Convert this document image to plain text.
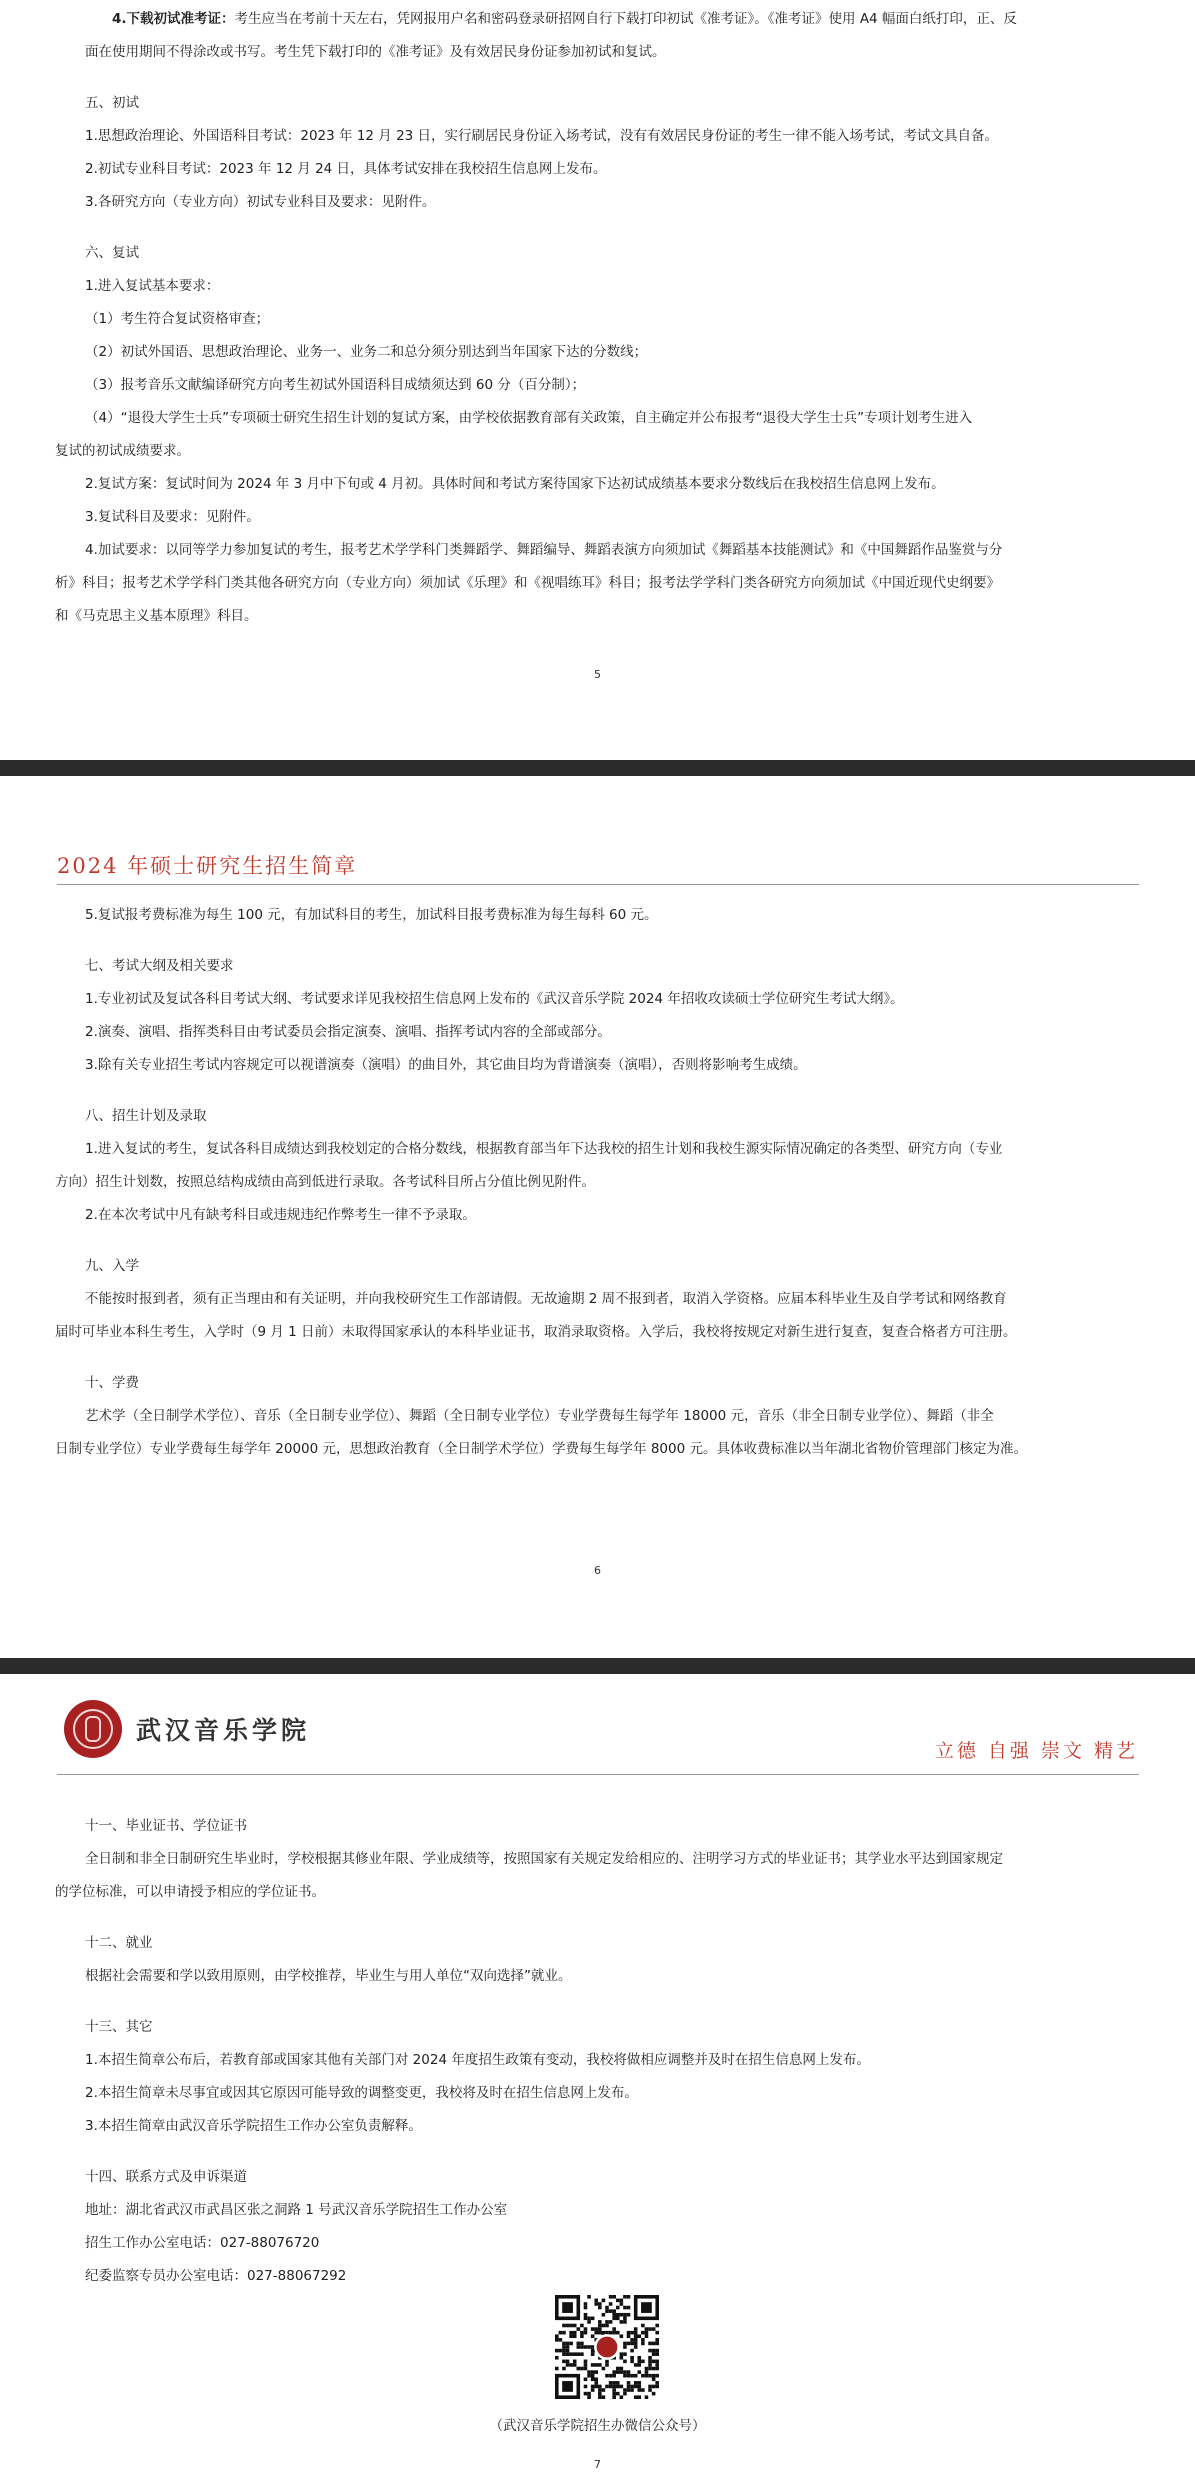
4.下载初试准考证：考生应当在考前十天左右，凭网报用户名和密码登录研招网自行下载打印初试《准考证》。《准考证》使用 A4 幅面白纸打印，正、反

面在使用期间不得涂改或书写。考生凭下载打印的《准考证》及有效居民身份证参加初试和复试。

五、初试

1.思想政治理论、外国语科目考试：2023 年 12 月 23 日，实行刷居民身份证入场考试，没有有效居民身份证的考生一律不能入场考试，考试文具自备。

2.初试专业科目考试：2023 年 12 月 24 日，具体考试安排在我校招生信息网上发布。

3.各研究方向（专业方向）初试专业科目及要求：见附件。

六、复试

1.进入复试基本要求：

（1）考生符合复试资格审查；

（2）初试外国语、思想政治理论、业务一、业务二和总分须分别达到当年国家下达的分数线；

（3）报考音乐文献编译研究方向考生初试外国语科目成绩须达到 60 分（百分制）；

（4）“退役大学生士兵”专项硕士研究生招生计划的复试方案，由学校依据教育部有关政策，自主确定并公布报考“退役大学生士兵”专项计划考生进入

复试的初试成绩要求。

2.复试方案：复试时间为 2024 年 3 月中下旬或 4 月初。具体时间和考试方案待国家下达初试成绩基本要求分数线后在我校招生信息网上发布。

3.复试科目及要求：见附件。

4.加试要求：以同等学力参加复试的考生，报考艺术学学科门类舞蹈学、舞蹈编导、舞蹈表演方向须加试《舞蹈基本技能测试》和《中国舞蹈作品鉴赏与分

析》科目；报考艺术学学科门类其他各研究方向（专业方向）须加试《乐理》和《视唱练耳》科目；报考法学学科门类各研究方向须加试《中国近现代史纲要》

和《马克思主义基本原理》科目。

5
2024 年硕士研究生招生简章

5.复试报考费标准为每生 100 元，有加试科目的考生，加试科目报考费标准为每生每科 60 元。

七、考试大纲及相关要求

1.专业初试及复试各科目考试大纲、考试要求详见我校招生信息网上发布的《武汉音乐学院 2024 年招收攻读硕士学位研究生考试大纲》。

2.演奏、演唱、指挥类科目由考试委员会指定演奏、演唱、指挥考试内容的全部或部分。

3.除有关专业招生考试内容规定可以视谱演奏（演唱）的曲目外，其它曲目均为背谱演奏（演唱），否则将影响考生成绩。

八、招生计划及录取

1.进入复试的考生，复试各科目成绩达到我校划定的合格分数线，根据教育部当年下达我校的招生计划和我校生源实际情况确定的各类型、研究方向（专业

方向）招生计划数，按照总结构成绩由高到低进行录取。各考试科目所占分值比例见附件。

2.在本次考试中凡有缺考科目或违规违纪作弊考生一律不予录取。

九、入学

不能按时报到者，须有正当理由和有关证明，并向我校研究生工作部请假。无故逾期 2 周不报到者，取消入学资格。应届本科毕业生及自学考试和网络教育

届时可毕业本科生考生，入学时（9 月 1 日前）未取得国家承认的本科毕业证书，取消录取资格。入学后，我校将按规定对新生进行复查，复查合格者方可注册。

十、学费

艺术学（全日制学术学位）、音乐（全日制专业学位）、舞蹈（全日制专业学位）专业学费每生每学年 18000 元，音乐（非全日制专业学位）、舞蹈（非全

日制专业学位）专业学费每生每学年 20000 元，思想政治教育（全日制学术学位）学费每生每学年 8000 元。具体收费标准以当年湖北省物价管理部门核定为准。

6
武汉音乐学院
立德 自强 崇文 精艺

十一、毕业证书、学位证书

全日制和非全日制研究生毕业时，学校根据其修业年限、学业成绩等，按照国家有关规定发给相应的、注明学习方式的毕业证书；其学业水平达到国家规定

的学位标准，可以申请授予相应的学位证书。

十二、就业

根据社会需要和学以致用原则，由学校推荐，毕业生与用人单位“双向选择”就业。

十三、其它

1.本招生简章公布后，若教育部或国家其他有关部门对 2024 年度招生政策有变动，我校将做相应调整并及时在招生信息网上发布。

2.本招生简章未尽事宜或因其它原因可能导致的调整变更，我校将及时在招生信息网上发布。

3.本招生简章由武汉音乐学院招生工作办公室负责解释。

十四、联系方式及申诉渠道

地址：湖北省武汉市武昌区张之洞路 1 号武汉音乐学院招生工作办公室

招生工作办公室电话：027-88076720

纪委监察专员办公室电话：027-88067292

（武汉音乐学院招生办微信公众号）
7
